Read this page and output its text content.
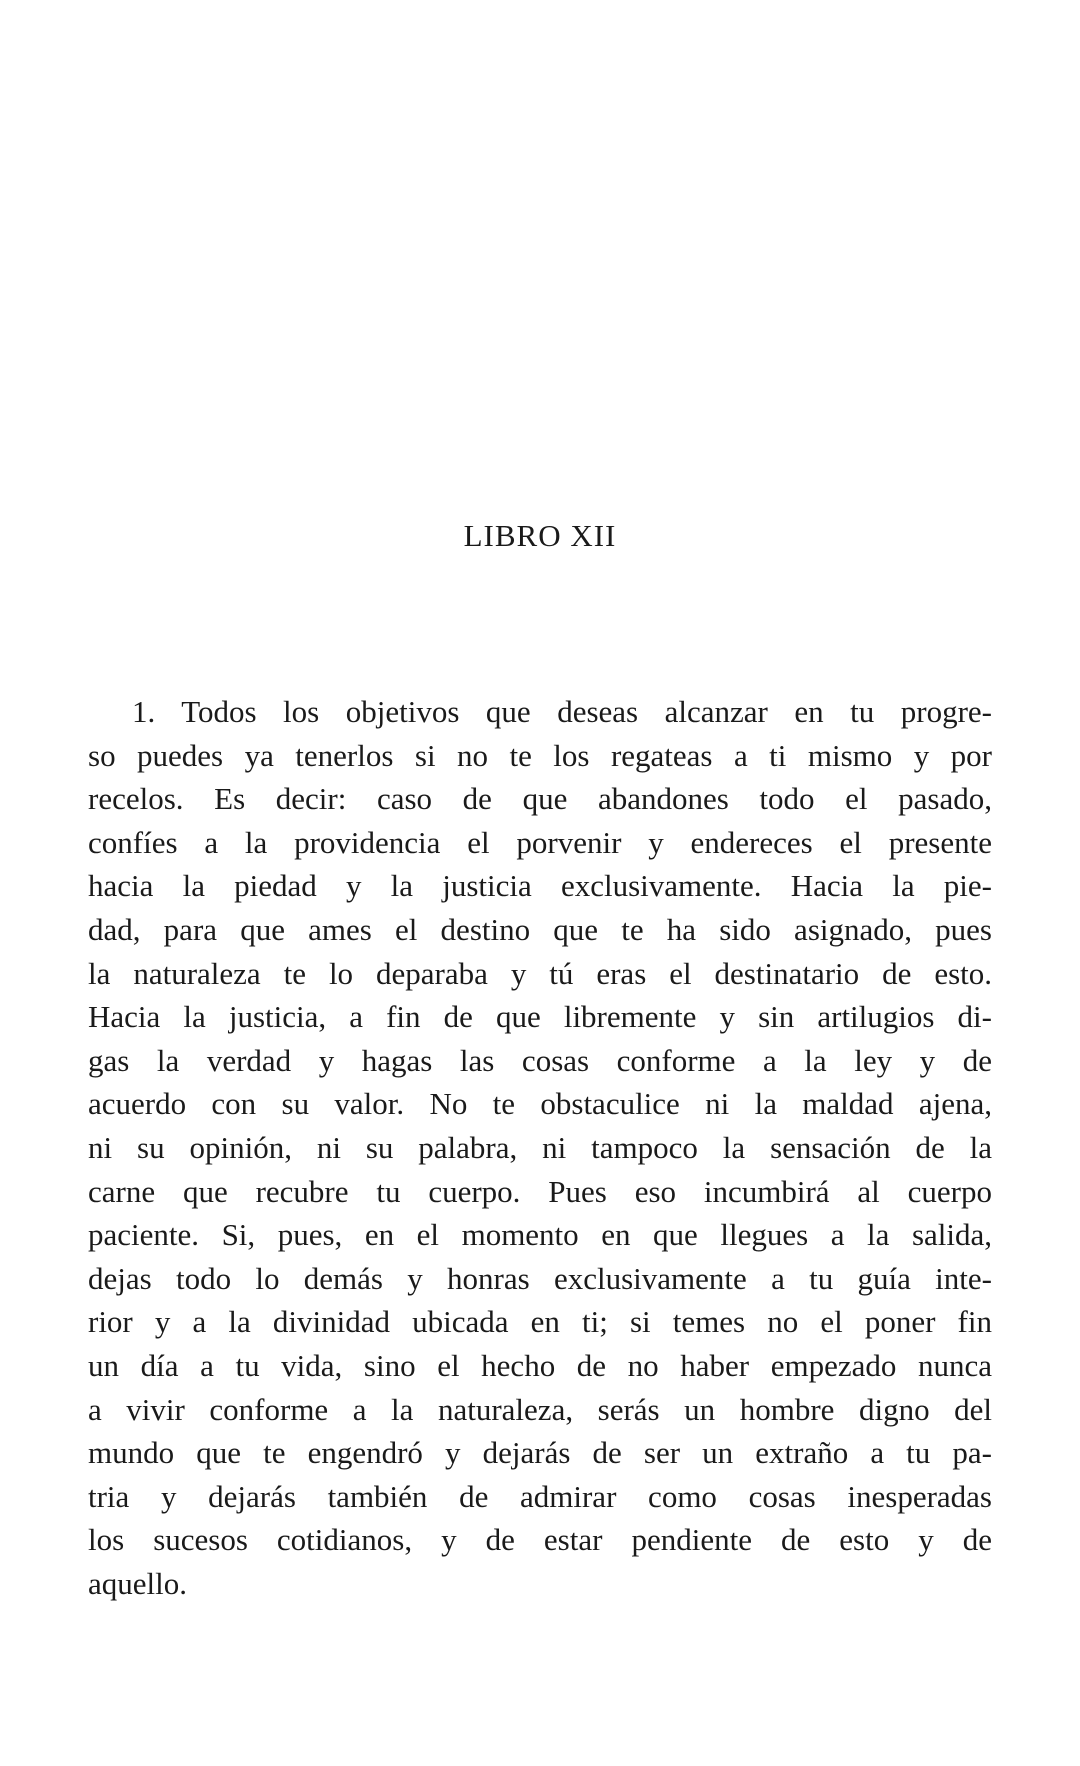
LIBRO XII
1. Todos los objetivos que deseas alcanzar en tu progre-
so puedes ya tenerlos si no te los regateas a ti mismo y por
recelos. Es decir: caso de que abandones todo el pasado,
confíes a la providencia el porvenir y endereces el presente
hacia la piedad y la justicia exclusivamente. Hacia la pie-
dad, para que ames el destino que te ha sido asignado, pues
la naturaleza te lo deparaba y tú eras el destinatario de esto.
Hacia la justicia, a fin de que libremente y sin artilugios di-
gas la verdad y hagas las cosas conforme a la ley y de
acuerdo con su valor. No te obstaculice ni la maldad ajena,
ni su opinión, ni su palabra, ni tampoco la sensación de la
carne que recubre tu cuerpo. Pues eso incumbirá al cuerpo
paciente. Si, pues, en el momento en que llegues a la salida,
dejas todo lo demás y honras exclusivamente a tu guía inte-
rior y a la divinidad ubicada en ti; si temes no el poner fin
un día a tu vida, sino el hecho de no haber empezado nunca
a vivir conforme a la naturaleza, serás un hombre digno del
mundo que te engendró y dejarás de ser un extraño a tu pa-
tria y dejarás también de admirar como cosas inesperadas
los sucesos cotidianos, y de estar pendiente de esto y de
aquello.
